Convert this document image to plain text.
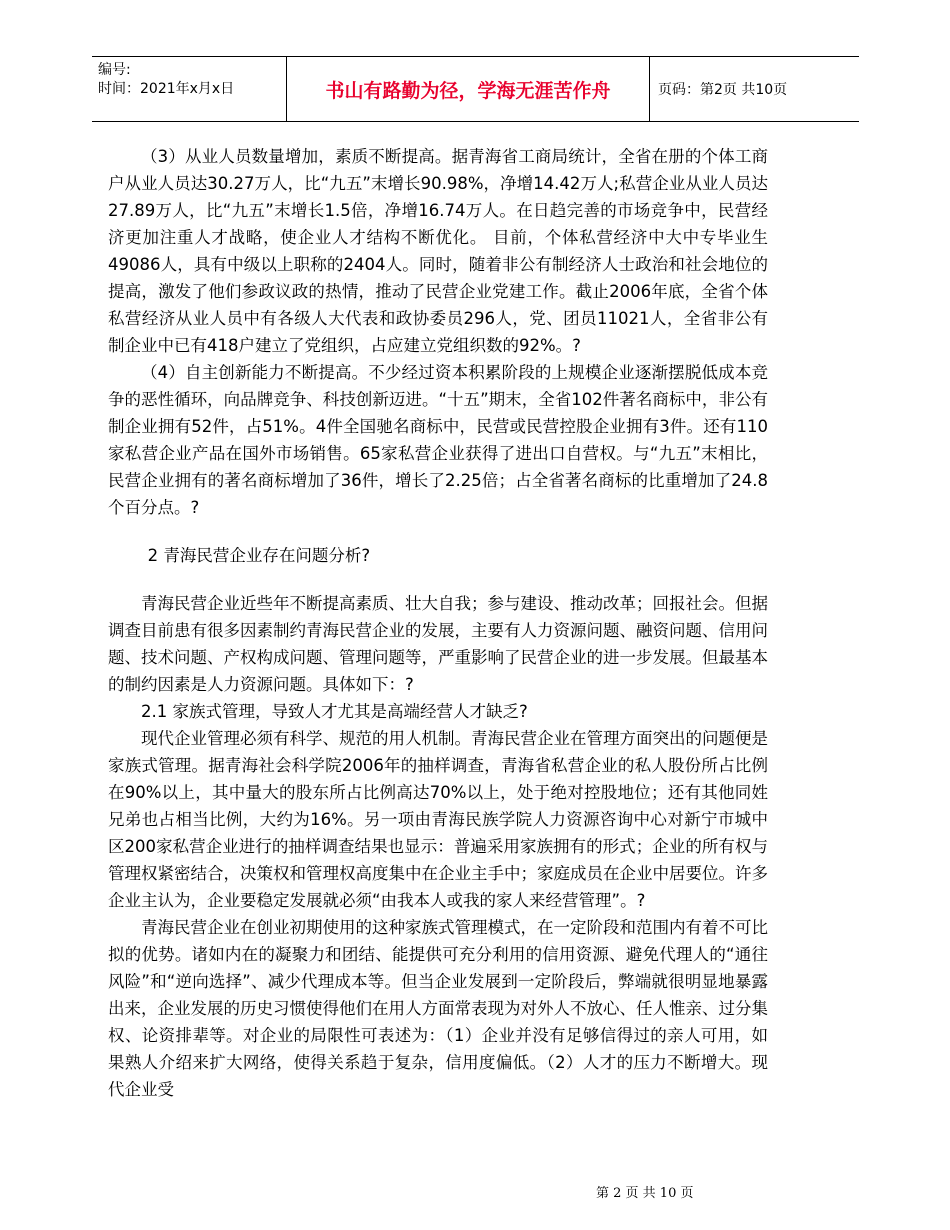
编号:
时间：2021年x月x日	书山有路勤为径，学海无涯苦作舟	页码：第2页 共10页

（3）从业人员数量增加，素质不断提高。据青海省工商局统计，全省在册的个体工商户从业人员达30.27万人，比“九五”末增长90.98%，净增14.42万人;私营企业从业人员达27.89万人，比“九五”末增长1.5倍，净增16.74万人。在日趋完善的市场竞争中，民营经济更加注重人才战略，使企业人才结构不断优化。 目前，个体私营经济中大中专毕业生49086人，具有中级以上职称的2404人。同时，随着非公有制经济人士政治和社会地位的提高，激发了他们参政议政的热情，推动了民营企业党建工作。截止2006年底，全省个体私营经济从业人员中有各级人大代表和政协委员296人，党、团员11021人，全省非公有制企业中已有418户建立了党组织，占应建立党组织数的92%。?

（4）自主创新能力不断提高。不少经过资本积累阶段的上规模企业逐渐摆脱低成本竞争的恶性循环，向品牌竞争、科技创新迈进。“十五”期末，全省102件著名商标中，非公有制企业拥有52件，占51%。4件全国驰名商标中，民营或民营控股企业拥有3件。还有110家私营企业产品在国外市场销售。65家私营企业获得了进出口自营权。与“九五”末相比，民营企业拥有的著名商标增加了36件，增长了2.25倍；占全省著名商标的比重增加了24.8个百分点。?

2 青海民营企业存在问题分析?

青海民营企业近些年不断提高素质、壮大自我；参与建设、推动改革；回报社会。但据调查目前患有很多因素制约青海民营企业的发展，主要有人力资源问题、融资问题、信用问题、技术问题、产权构成问题、管理问题等，严重影响了民营企业的进一步发展。但最基本的制约因素是人力资源问题。具体如下：?

2.1 家族式管理，导致人才尤其是高端经营人才缺乏?

现代企业管理必须有科学、规范的用人机制。青海民营企业在管理方面突出的问题便是家族式管理。据青海社会科学院2006年的抽样调查，青海省私营企业的私人股份所占比例在90%以上，其中量大的股东所占比例高达70%以上，处于绝对控股地位；还有其他同姓兄弟也占相当比例，大约为16%。另一项由青海民族学院人力资源咨询中心对新宁市城中区200家私营企业进行的抽样调查结果也显示：普遍采用家族拥有的形式；企业的所有权与管理权紧密结合，决策权和管理权高度集中在企业主手中；家庭成员在企业中居要位。许多企业主认为，企业要稳定发展就必须“由我本人或我的家人来经营管理”。?

青海民营企业在创业初期使用的这种家族式管理模式，在一定阶段和范围内有着不可比拟的优势。诸如内在的凝聚力和团结、能提供可充分利用的信用资源、避免代理人的“通往风险”和“逆向选择”、减少代理成本等。但当企业发展到一定阶段后，弊端就很明显地暴露出来，企业发展的历史习惯使得他们在用人方面常表现为对外人不放心、任人惟亲、过分集权、论资排辈等。对企业的局限性可表述为：（1）企业并没有足够信得过的亲人可用，如果熟人介绍来扩大网络，使得关系趋于复杂，信用度偏低。（2）人才的压力不断增大。现代企业受

第 2 页 共 10 页
